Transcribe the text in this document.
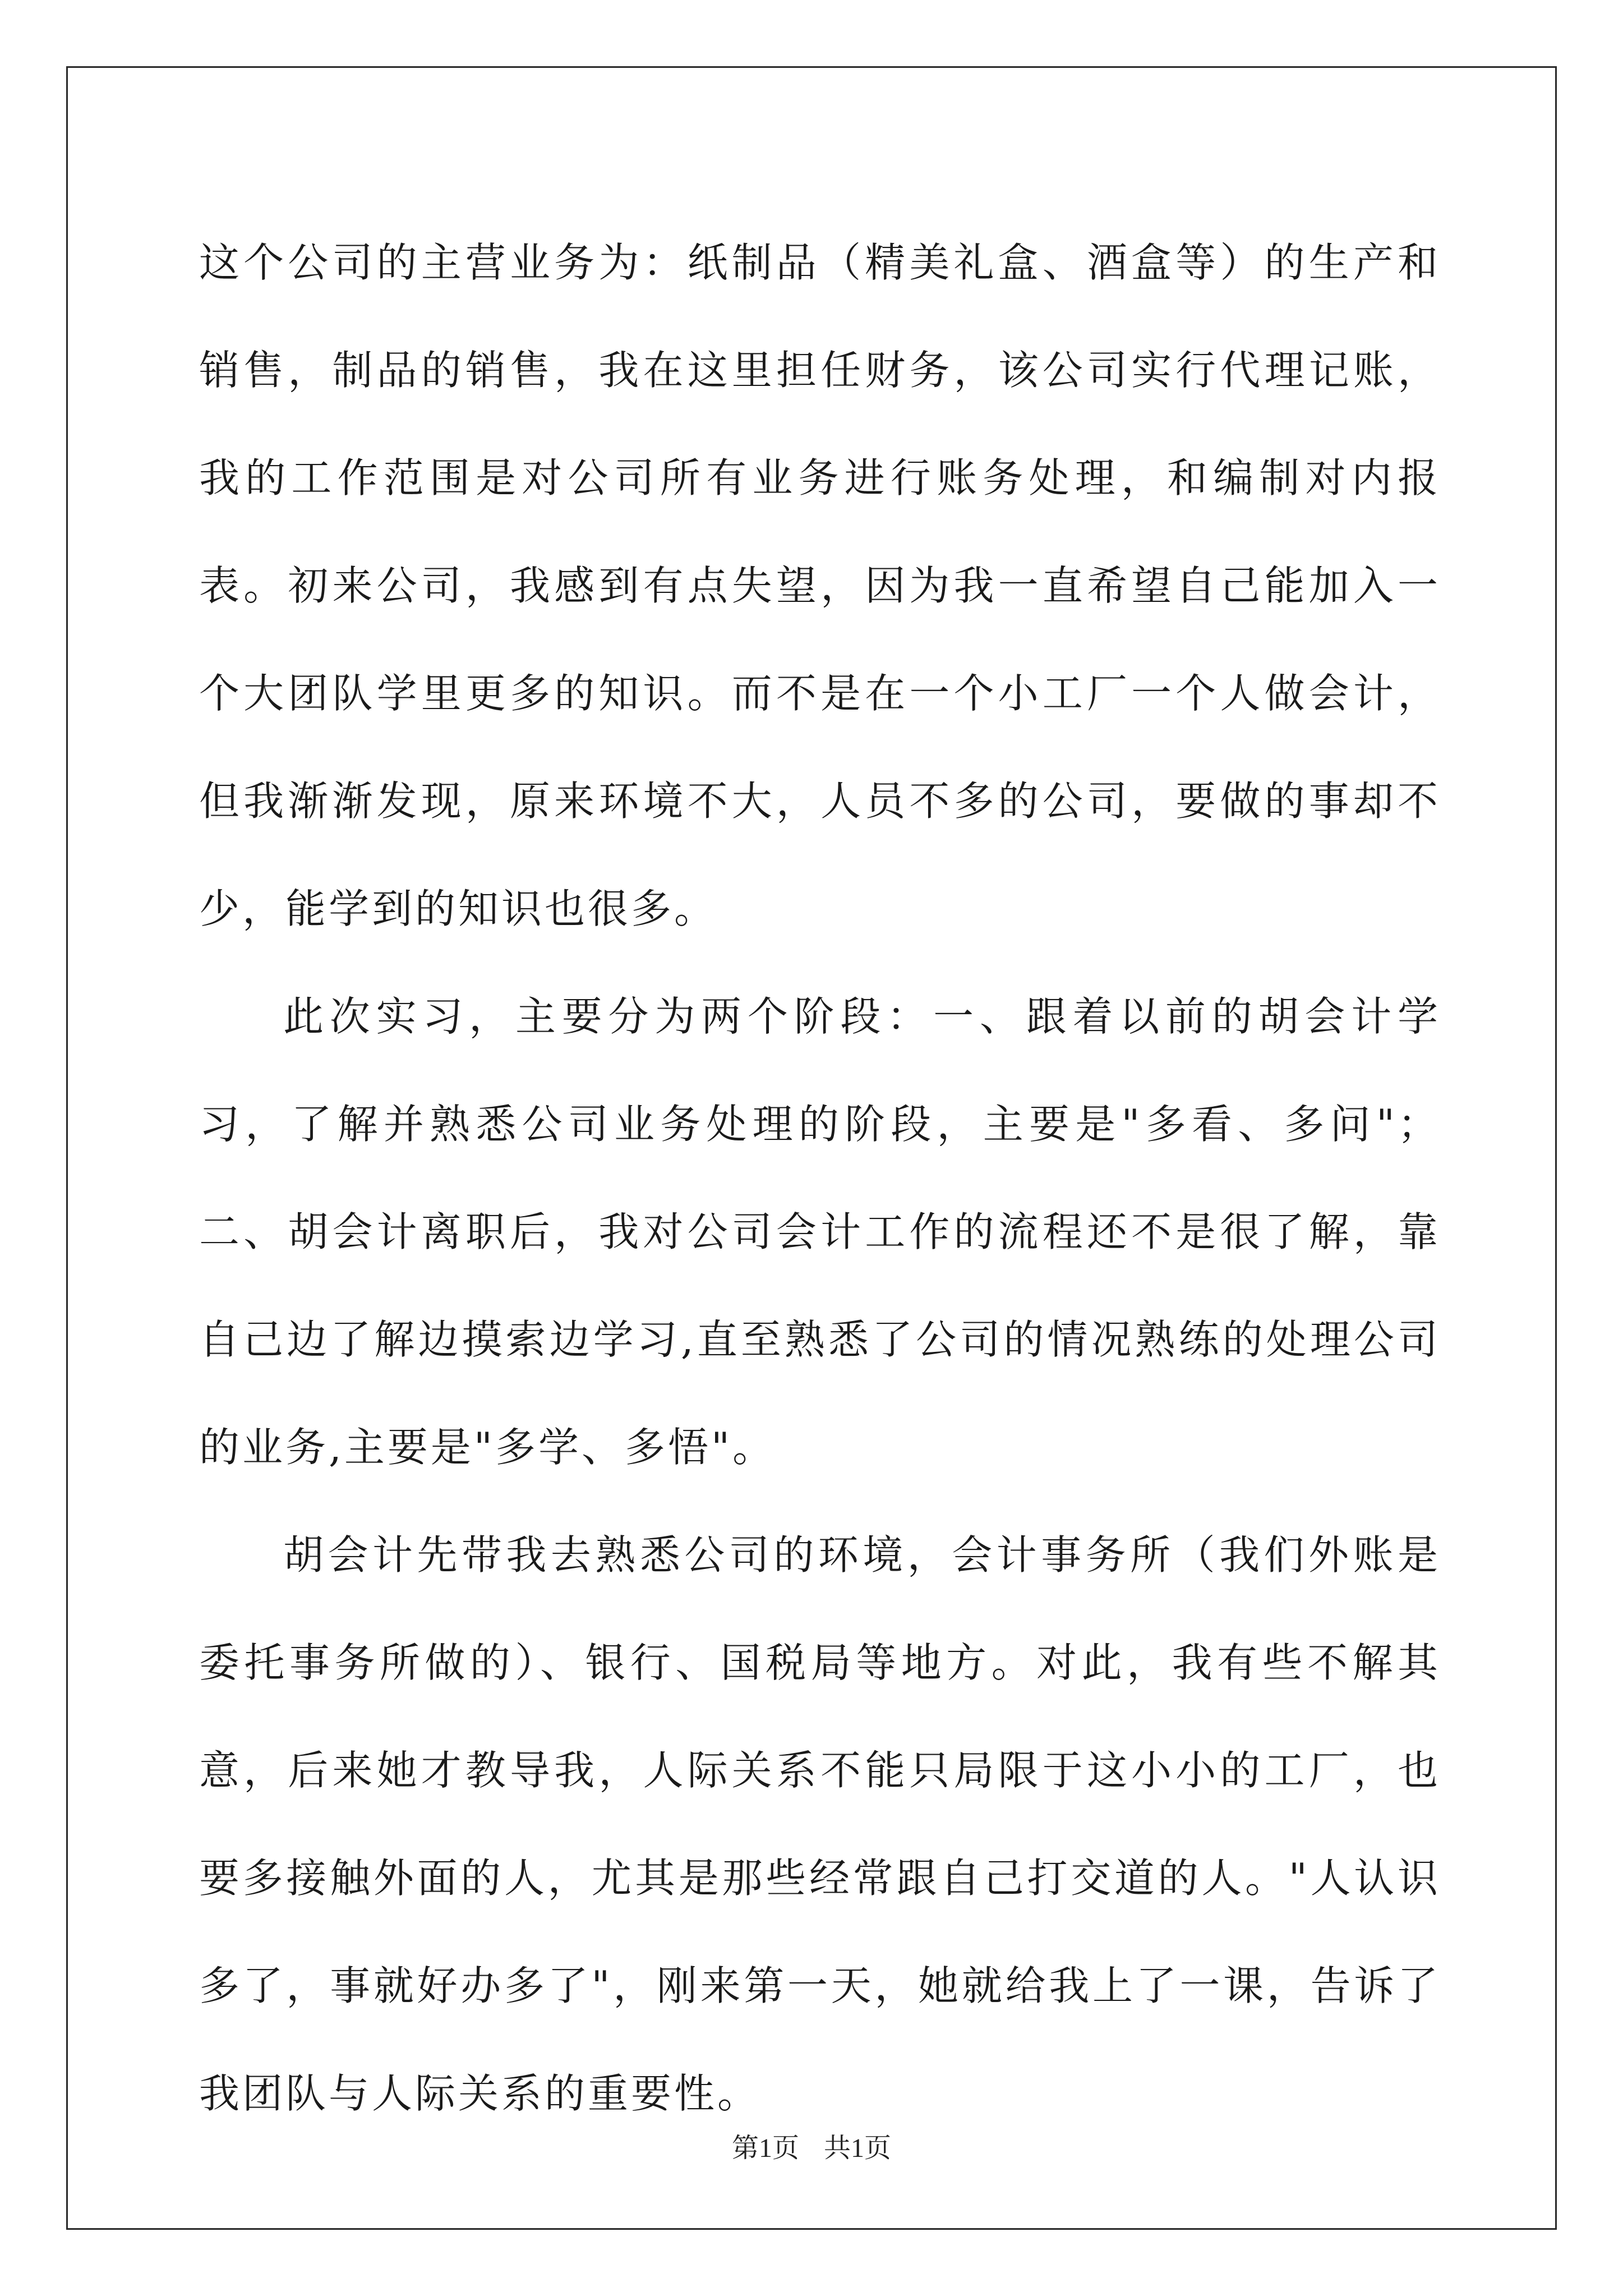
这个公司的主营业务为：纸制品（精美礼盒、酒盒等）的生产和销售，制品的销售，我在这里担任财务，该公司实行代理记账，我的工作范围是对公司所有业务进行账务处理，和编制对内报表。初来公司，我感到有点失望，因为我一直希望自己能加入一个大团队学里更多的知识。而不是在一个小工厂一个人做会计，但我渐渐发现，原来环境不大，人员不多的公司，要做的事却不少，能学到的知识也很多。

此次实习，主要分为两个阶段：一、跟着以前的胡会计学习，了解并熟悉公司业务处理的阶段，主要是"多看、多问"；二、胡会计离职后，我对公司会计工作的流程还不是很了解，靠自己边了解边摸索边学习,直至熟悉了公司的情况熟练的处理公司的业务,主要是"多学、多悟"。

胡会计先带我去熟悉公司的环境，会计事务所（我们外账是委托事务所做的）、银行、国税局等地方。对此，我有些不解其意，后来她才教导我，人际关系不能只局限于这小小的工厂，也要多接触外面的人，尤其是那些经常跟自己打交道的人。"人认识多了，事就好办多了"，刚来第一天，她就给我上了一课，告诉了我团队与人际关系的重要性。

第1页 共1页
